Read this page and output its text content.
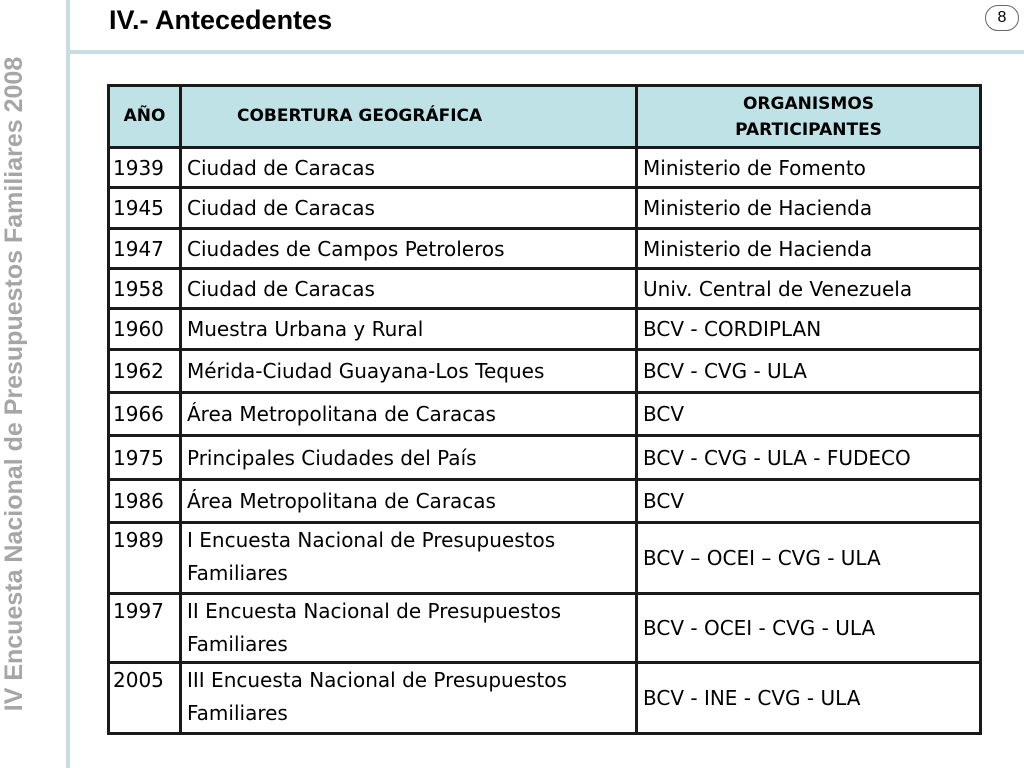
IV Encuesta Nacional de Presupuestos Familiares 2008
IV.- Antecedentes	8
AÑO	COBERTURA GEOGRÁFICA	ORGANISMOS PARTICIPANTES
1939	Ciudad de Caracas	Ministerio de Fomento
1945	Ciudad de Caracas	Ministerio de Hacienda
1947	Ciudades de Campos Petroleros	Ministerio de Hacienda
1958	Ciudad de Caracas	Univ. Central de Venezuela
1960	Muestra Urbana y Rural	BCV - CORDIPLAN
1962	Mérida-Ciudad Guayana-Los Teques	BCV - CVG - ULA
1966	Área Metropolitana de Caracas	BCV
1975	Principales Ciudades del País	BCV - CVG - ULA - FUDECO
1986	Área Metropolitana de Caracas	BCV
1989	I Encuesta Nacional de Presupuestos Familiares	BCV – OCEI – CVG - ULA
1997	II Encuesta Nacional de Presupuestos Familiares	BCV - OCEI - CVG - ULA
2005	III Encuesta Nacional de Presupuestos Familiares	BCV - INE - CVG - ULA
